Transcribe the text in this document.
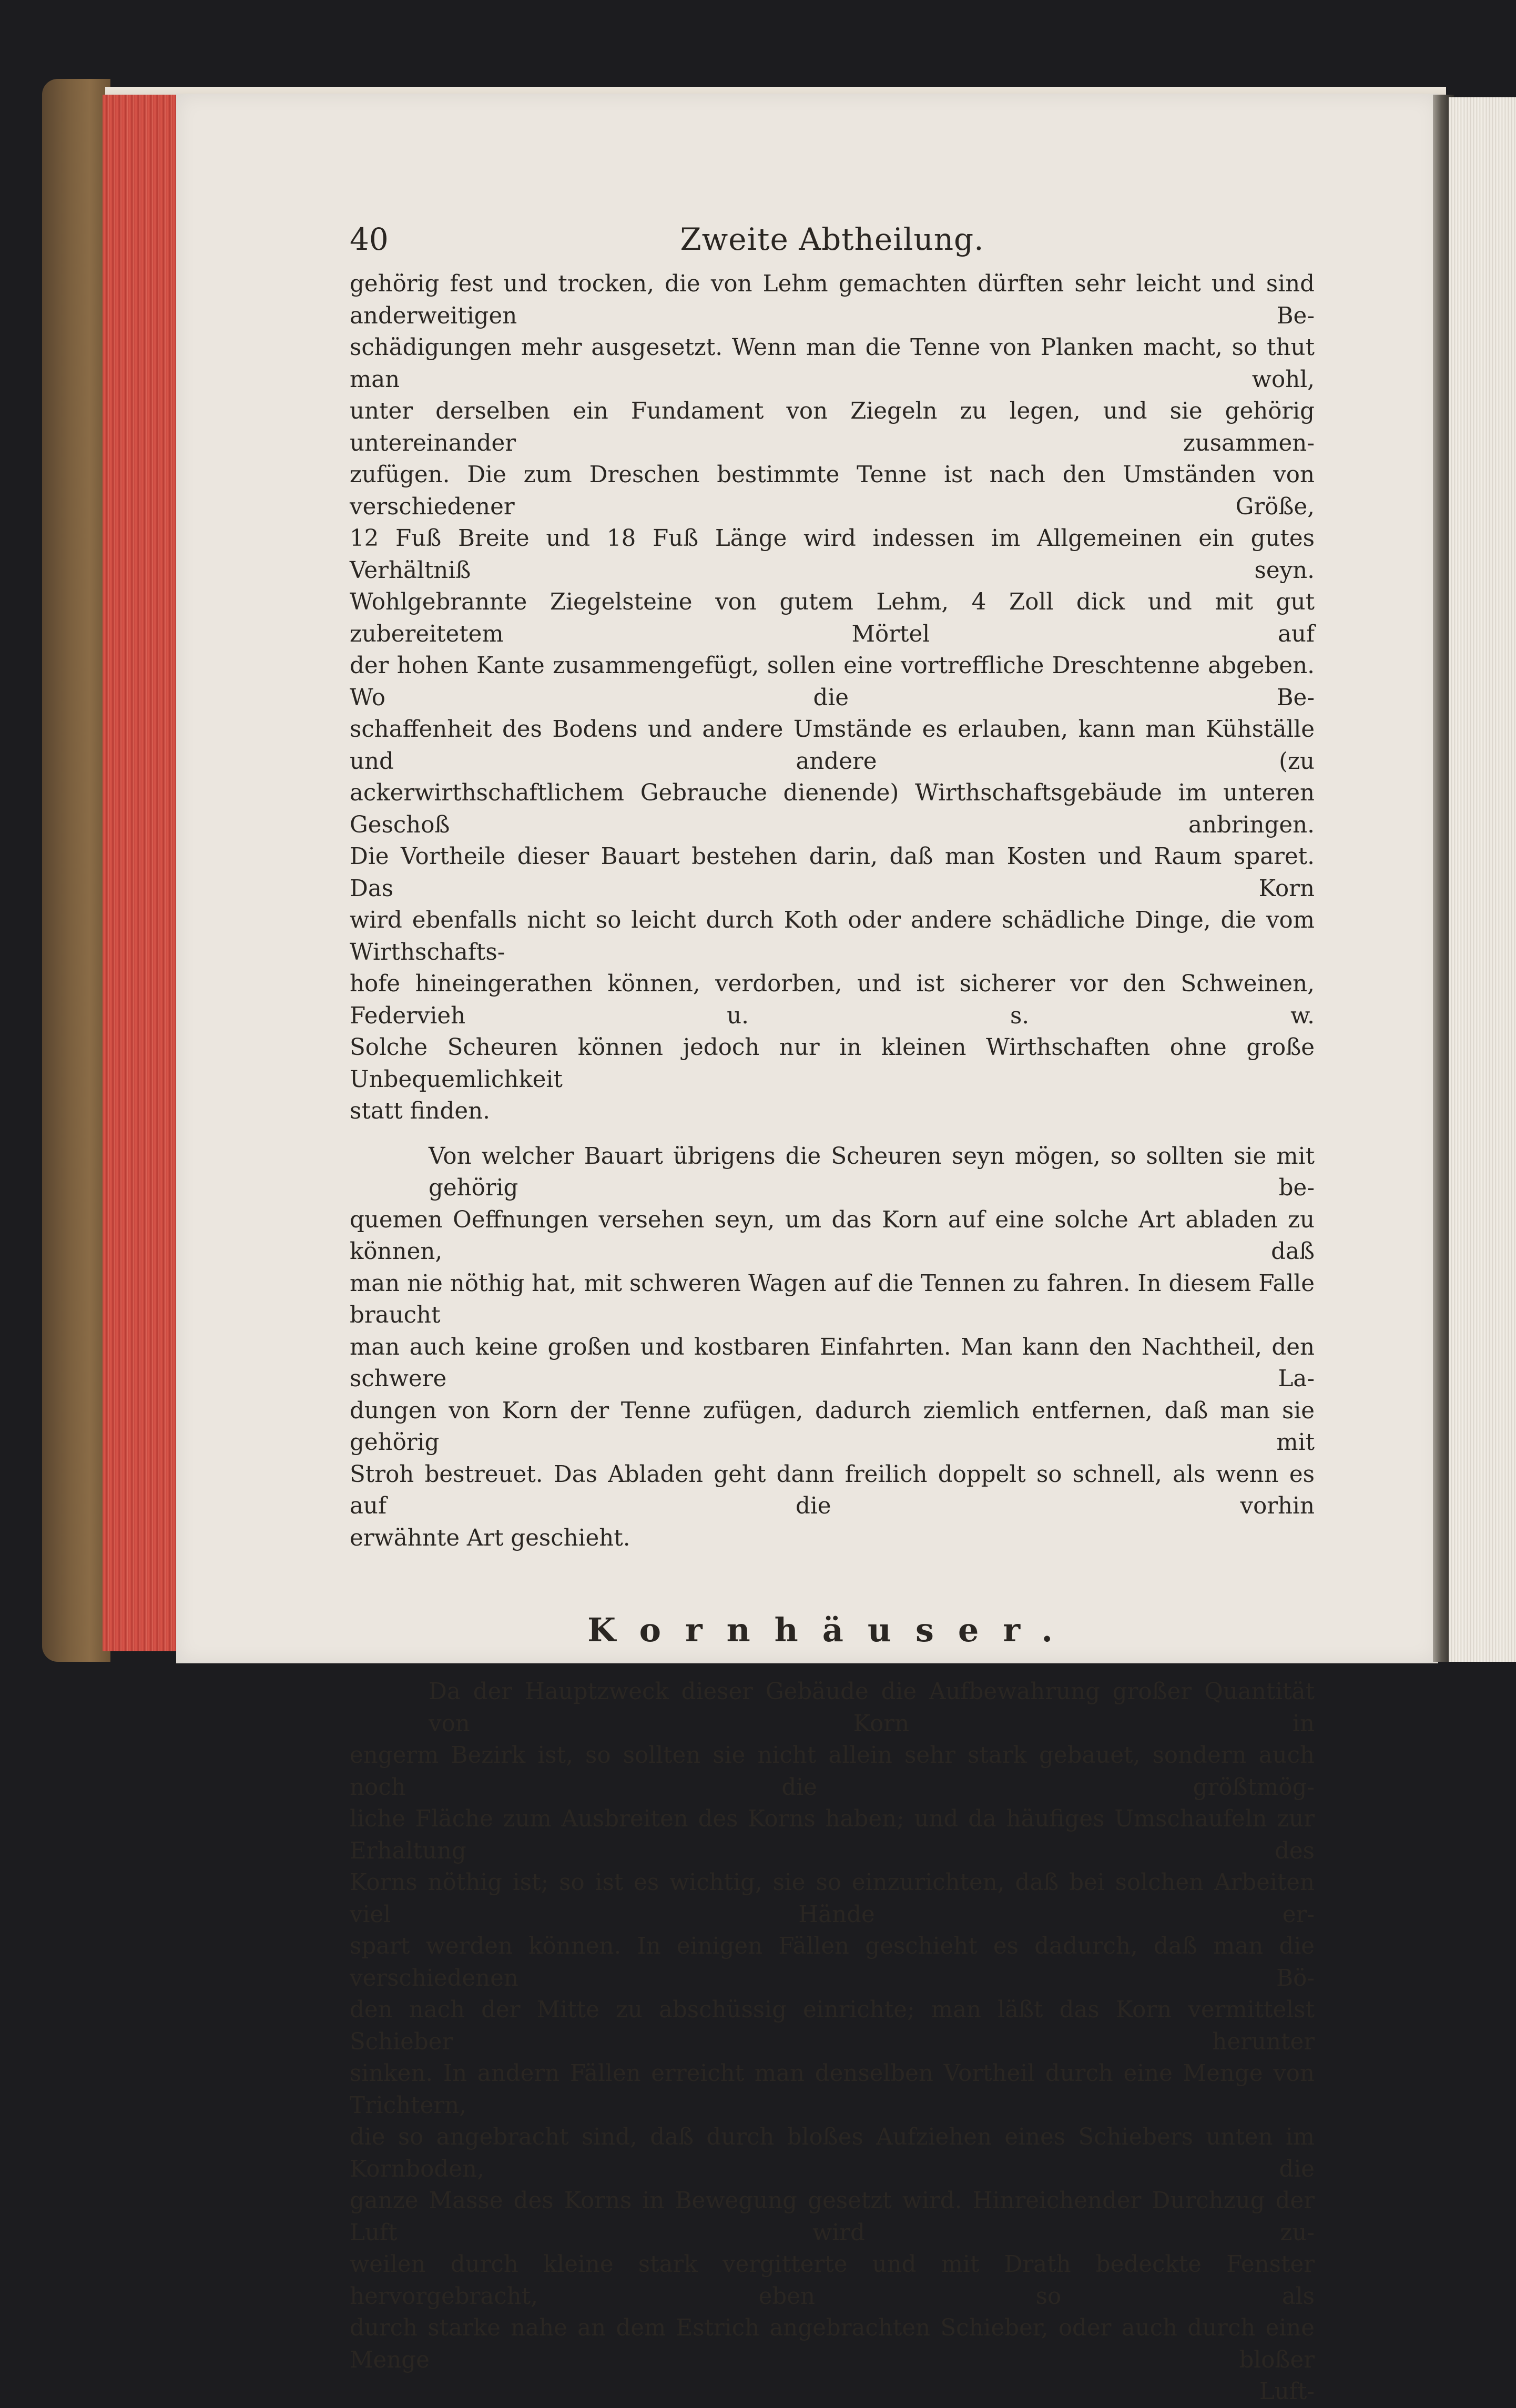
40	Zweite Abtheilung.
gehörig fest und trocken, die von Lehm gemachten dürften sehr leicht und sind anderweitigen Be-
schädigungen mehr ausgesetzt. Wenn man die Tenne von Planken macht, so thut man wohl,
unter derselben ein Fundament von Ziegeln zu legen, und sie gehörig untereinander zusammen-
zufügen. Die zum Dreschen bestimmte Tenne ist nach den Umständen von verschiedener Größe,
12 Fuß Breite und 18 Fuß Länge wird indessen im Allgemeinen ein gutes Verhältniß seyn.
Wohlgebrannte Ziegelsteine von gutem Lehm, 4 Zoll dick und mit gut zubereitetem Mörtel auf
der hohen Kante zusammengefügt, sollen eine vortreffliche Dreschtenne abgeben. Wo die Be-
schaffenheit des Bodens und andere Umstände es erlauben, kann man Kühställe und andere (zu
ackerwirthschaftlichem Gebrauche dienende) Wirthschaftsgebäude im unteren Geschoß anbringen.
Die Vortheile dieser Bauart bestehen darin, daß man Kosten und Raum sparet. Das Korn
wird ebenfalls nicht so leicht durch Koth oder andere schädliche Dinge, die vom Wirthschafts-
hofe hineingerathen können, verdorben, und ist sicherer vor den Schweinen, Federvieh u. s. w.
Solche Scheuren können jedoch nur in kleinen Wirthschaften ohne große Unbequemlichkeit
statt finden.
Von welcher Bauart übrigens die Scheuren seyn mögen, so sollten sie mit gehörig be-
quemen Oeffnungen versehen seyn, um das Korn auf eine solche Art abladen zu können, daß
man nie nöthig hat, mit schweren Wagen auf die Tennen zu fahren. In diesem Falle braucht
man auch keine großen und kostbaren Einfahrten. Man kann den Nachtheil, den schwere La-
dungen von Korn der Tenne zufügen, dadurch ziemlich entfernen, daß man sie gehörig mit
Stroh bestreuet. Das Abladen geht dann freilich doppelt so schnell, als wenn es auf die vorhin
erwähnte Art geschieht.
Kornhäuser.
Da der Hauptzweck dieser Gebäude die Aufbewahrung großer Quantität von Korn in
engerm Bezirk ist, so sollten sie nicht allein sehr stark gebauet, sondern auch noch die größtmög-
liche Fläche zum Ausbreiten des Korns haben; und da häufiges Umschaufeln zur Erhaltung des
Korns nöthig ist; so ist es wichtig, sie so einzurichten, daß bei solchen Arbeiten viel Hände er-
spart werden können. In einigen Fällen geschieht es dadurch, daß man die verschiedenen Bö-
den nach der Mitte zu abschüssig einrichte; man läßt das Korn vermittelst Schieber herunter
sinken. In andern Fällen erreicht man denselben Vortheil durch eine Menge von Trichtern,
die so angebracht sind, daß durch bloßes Aufziehen eines Schiebers unten im Kornboden, die
ganze Masse des Korns in Bewegung gesetzt wird. Hinreichender Durchzug der Luft wird zu-
weilen durch kleine stark vergitterte und mit Drath bedeckte Fenster hervorgebracht, eben so als
durch starke nahe an dem Estrich angebrachten Schieber, oder auch durch eine Menge bloßer
Luft-
